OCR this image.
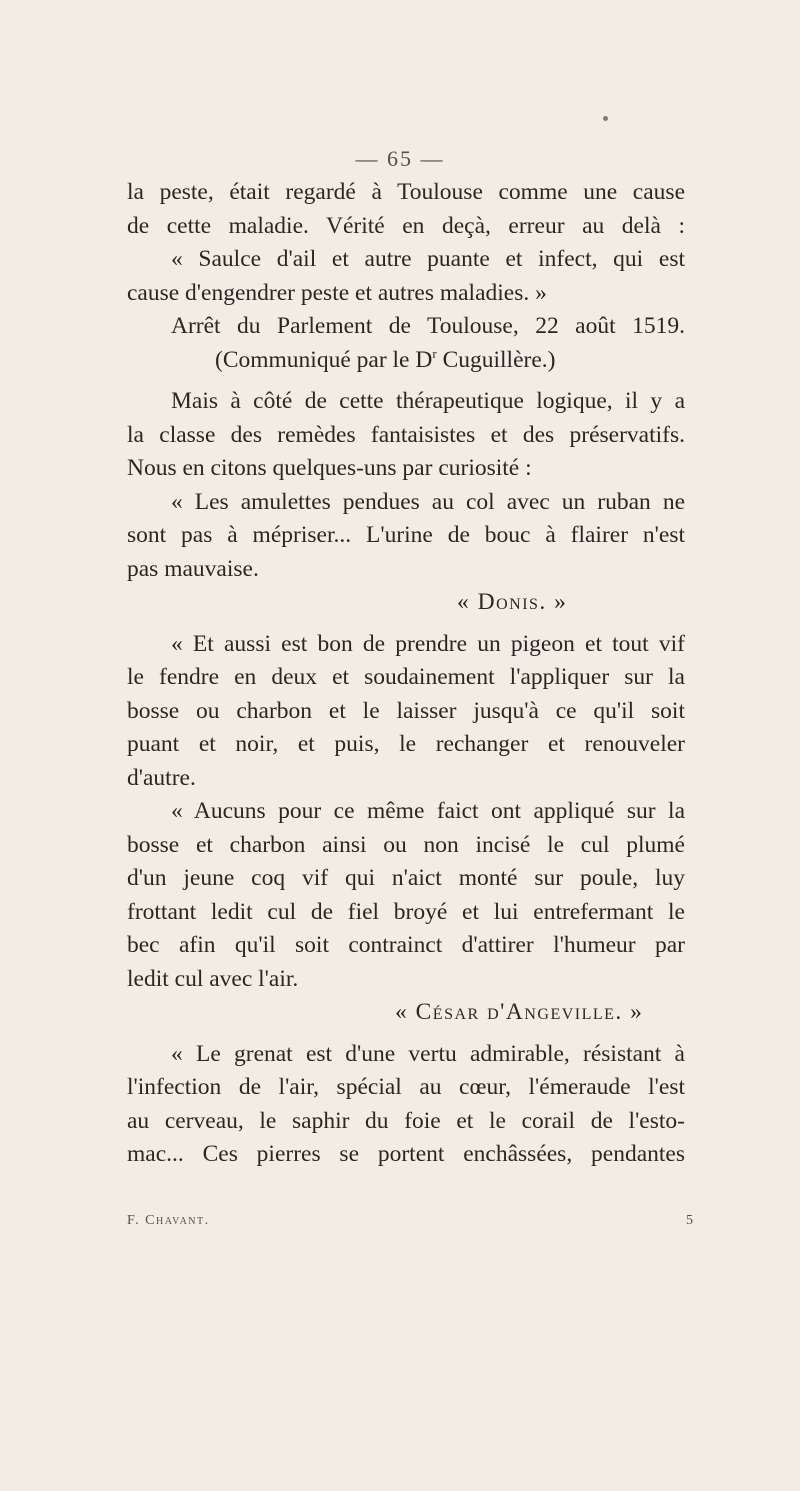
— 65 —
la peste, était regardé à Toulouse comme une cause
de cette maladie. Vérité en deçà, erreur au delà :
« Saulce d'ail et autre puante et infect, qui est
cause d'engendrer peste et autres maladies. »
Arrêt du Parlement de Toulouse, 22 août 1519.
(Communiqué par le $D^r$ Cuguillère.)
Mais à côté de cette thérapeutique logique, il y a
la classe des remèdes fantaisistes et des préservatifs.
Nous en citons quelques-uns par curiosité :
« Les amulettes pendues au col avec un ruban ne
sont pas à mépriser... L'urine de bouc à flairer n'est
pas mauvaise.
« Donis. »
« Et aussi est bon de prendre un pigeon et tout vif
le fendre en deux et soudainement l'appliquer sur la
bosse ou charbon et le laisser jusqu'à ce qu'il soit
puant et noir, et puis, le rechanger et renouveler
d'autre.
« Aucuns pour ce même faict ont appliqué sur la
bosse et charbon ainsi ou non incisé le cul plumé
d'un jeune coq vif qui n'aict monté sur poule, luy
frottant ledit cul de fiel broyé et lui entrefermant le
bec afin qu'il soit contrainct d'attirer l'humeur par
ledit cul avec l'air.
« César d'Angeville. »
« Le grenat est d'une vertu admirable, résistant à
l'infection de l'air, spécial au cœur, l'émeraude l'est
au cerveau, le saphir du foie et le corail de l'esto-
mac... Ces pierres se portent enchâssées, pendantes
F. Chavant.	5
